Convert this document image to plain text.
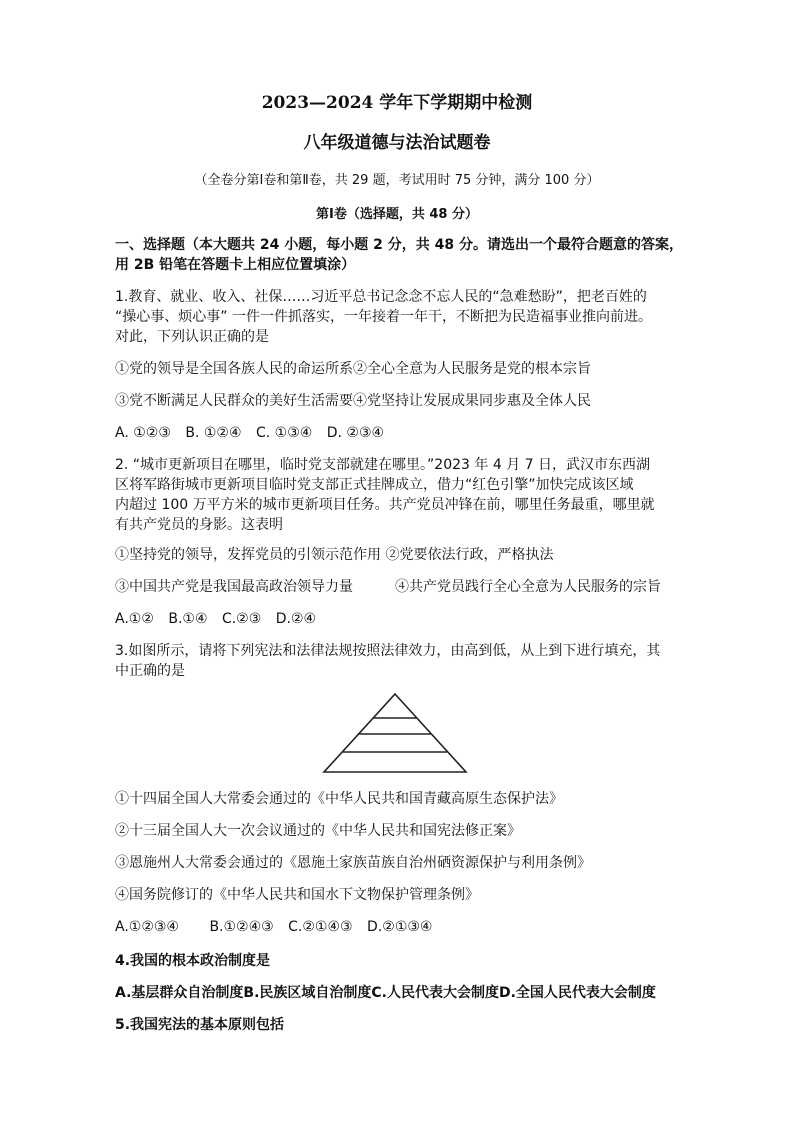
2023—2024 学年下学期期中检测
八年级道德与法治试题卷
（全卷分第Ⅰ卷和第Ⅱ卷，共 29 题，考试用时 75 分钟，满分 100 分）
第Ⅰ卷（选择题，共 48 分）
一、选择题（本大题共 24 小题，每小题 2 分，共 48 分。请选出一个最符合题意的答案，
用 2B 铅笔在答题卡上相应位置填涂）
1.教育、就业、收入、社保……习近平总书记念念不忘人民的“急难愁盼”，把老百姓的
“操心事、烦心事” 一件一件抓落实，一年接着一年干，不断把为民造福事业推向前进。
对此，下列认识正确的是
①党的领导是全国各族人民的命运所系②全心全意为人民服务是党的根本宗旨
③党不断满足人民群众的美好生活需要④党坚持让发展成果同步惠及全体人民
A. ①②③ B. ①②④ C. ①③④ D. ②③④
2. “城市更新项目在哪里，临时党支部就建在哪里。”2023 年 4 月 7 日，武汉市东西湖
区将军路街城市更新项目临时党支部正式挂牌成立，借力“红色引擎”加快完成该区域
内超过 100 万平方米的城市更新项目任务。共产党员冲锋在前，哪里任务最重，哪里就
有共产党员的身影。这表明
①坚持党的领导，发挥党员的引领示范作用 ②党要依法行政，严格执法
③中国共产党是我国最高政治领导力量　　　④共产党员践行全心全意为人民服务的宗旨
A.①② B.①④ C.②③ D.②④
3.如图所示，请将下列宪法和法律法规按照法律效力，由高到低，从上到下进行填充，其
中正确的是
①十四届全国人大常委会通过的《中华人民共和国青藏高原生态保护法》
②十三届全国人大一次会议通过的《中华人民共和国宪法修正案》
③恩施州人大常委会通过的《恩施土家族苗族自治州硒资源保护与利用条例》
④国务院修订的《中华人民共和国水下文物保护管理条例》
A.①②③④ B.①②④③ C.②①④③ D.②①③④
4.我国的根本政治制度是
A.基层群众自治制度B.民族区域自治制度C.人民代表大会制度D.全国人民代表大会制度
5.我国宪法的基本原则包括
